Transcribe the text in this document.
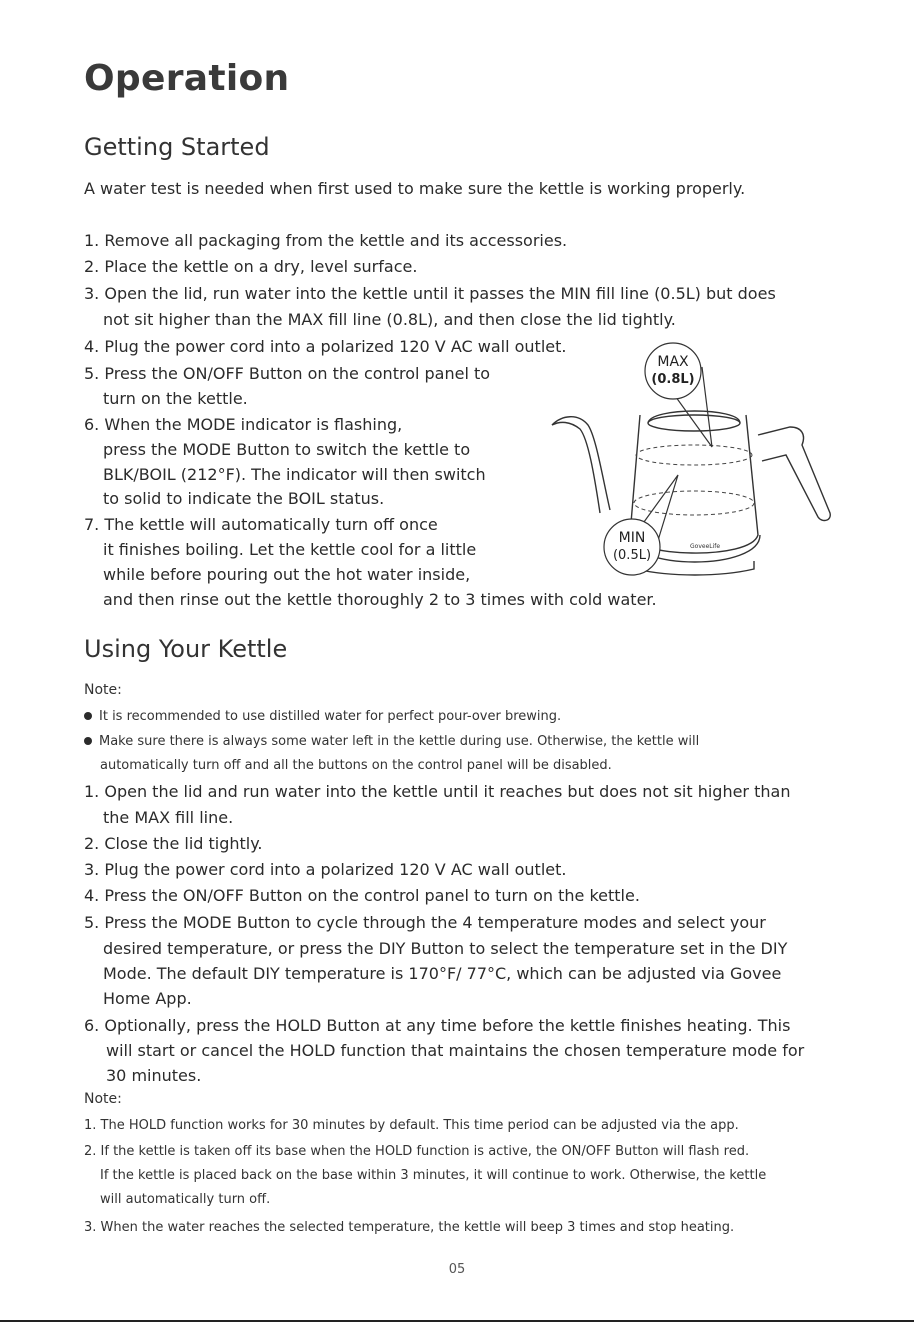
Operation
Getting Started
A water test is needed when first used to make sure the kettle is working properly.
1. Remove all packaging from the kettle and its accessories.
2. Place the kettle on a dry, level surface.
3. Open the lid, run water into the kettle until it passes the MIN fill line (0.5L) but does
not sit higher than the MAX fill line (0.8L), and then close the lid tightly.
4. Plug the power cord into a polarized 120 V AC wall outlet.
5. Press the ON/OFF Button on the control panel to
turn on the kettle.
6. When the MODE indicator is flashing,
press the MODE Button to switch the kettle to
BLK/BOIL (212°F). The indicator will then switch
to solid to indicate the BOIL status.
7. The kettle will automatically turn off once
it finishes boiling. Let the kettle cool for a little
while before pouring out the hot water inside,
and then rinse out the kettle thoroughly 2 to 3 times with cold water.
MAX
(0.8L)
MIN
(0.5L)
GoveeLife
Using Your Kettle
Note:
It is recommended to use distilled water for perfect pour-over brewing.
Make sure there is always some water left in the kettle during use. Otherwise, the kettle will
automatically turn off and all the buttons on the control panel will be disabled.
1. Open the lid and run water into the kettle until it reaches but does not sit higher than
the MAX fill line.
2. Close the lid tightly.
3. Plug the power cord into a polarized 120 V AC wall outlet.
4. Press the ON/OFF Button on the control panel to turn on the kettle.
5. Press the MODE Button to cycle through the 4 temperature modes and select your
desired temperature, or press the DIY Button to select the temperature set in the DIY
Mode. The default DIY temperature is 170°F/ 77°C, which can be adjusted via Govee
Home App.
6. Optionally, press the HOLD Button at any time before the kettle finishes heating. This
will start or cancel the HOLD function that maintains the chosen temperature mode for
30 minutes.
Note:
1. The HOLD function works for 30 minutes by default. This time period can be adjusted via the app.
2. If the kettle is taken off its base when the HOLD function is active, the ON/OFF Button will flash red.
If the kettle is placed back on the base within 3 minutes, it will continue to work. Otherwise, the kettle
will automatically turn off.
3. When the water reaches the selected temperature, the kettle will beep 3 times and stop heating.
05
